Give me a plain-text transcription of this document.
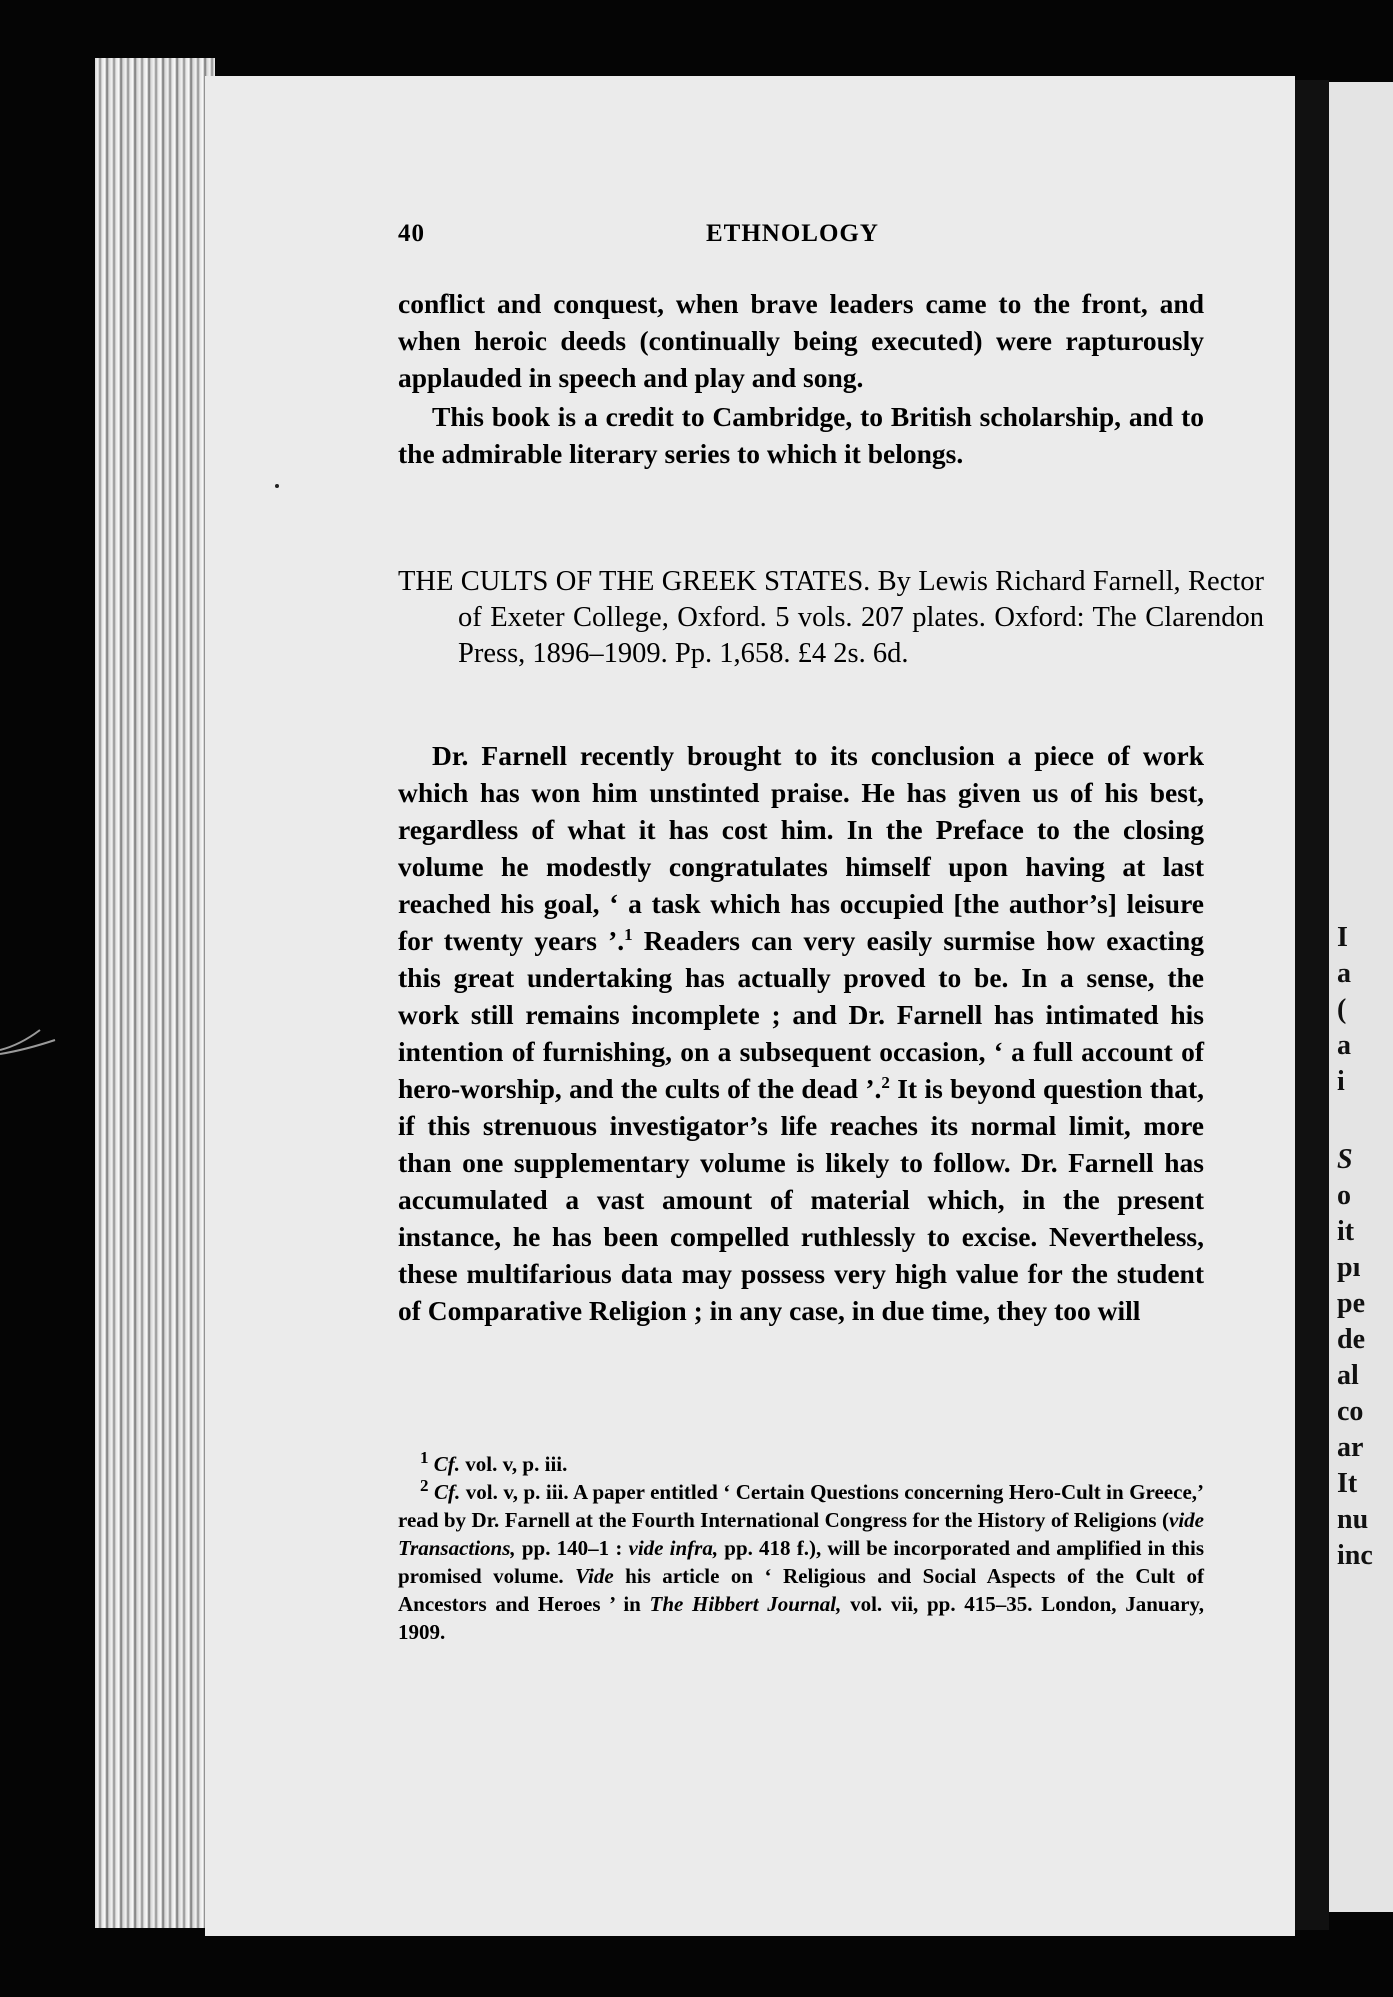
I
a
(
a
i
S
o
it
pı
pe
de
al
co
ar
It
nu
inc
40	ETHNOLOGY

conflict and conquest, when brave leaders came to the front, and when heroic deeds (continually being executed) were rapturously applauded in speech and play and song.

This book is a credit to Cambridge, to British scholarship, and to the admirable literary series to which it belongs.

THE CULTS OF THE GREEK STATES. By Lewis Richard Farnell, Rector of Exeter College, Oxford. 5 vols. 207 plates. Oxford: The Clarendon Press, 1896–1909. Pp. 1,658. £4 2s. 6d.

Dr. Farnell recently brought to its conclusion a piece of work which has won him unstinted praise. He has given us of his best, regardless of what it has cost him. In the Preface to the closing volume he modestly congratulates himself upon having at last reached his goal, ‘ a task which has occupied [the author’s] leisure for twenty years ’.$^1$ Readers can very easily surmise how exacting this great undertaking has actually proved to be. In a sense, the work still remains incomplete ; and Dr. Farnell has intimated his intention of furnishing, on a subsequent occasion, ‘ a full account of hero-worship, and the cults of the dead ’.$^2$ It is beyond question that, if this strenuous investigator’s life reaches its normal limit, more than one supplementary volume is likely to follow. Dr. Farnell has accumulated a vast amount of material which, in the present instance, he has been compelled ruthlessly to excise. Nevertheless, these multifarious data may possess very high value for the student of Comparative Religion ; in any case, in due time, they too will

$^1$ Cf. vol. v, p. iii.
$^2$ Cf. vol. v, p. iii. A paper entitled ‘ Certain Questions concerning Hero-Cult in Greece,’ read by Dr. Farnell at the Fourth International Congress for the History of Religions (vide Transactions, pp. 140–1 : vide infra, pp. 418 f.), will be incorporated and amplified in this promised volume. Vide his article on ‘ Religious and Social Aspects of the Cult of Ancestors and Heroes ’ in The Hibbert Journal, vol. vii, pp. 415–35. London, January, 1909.
